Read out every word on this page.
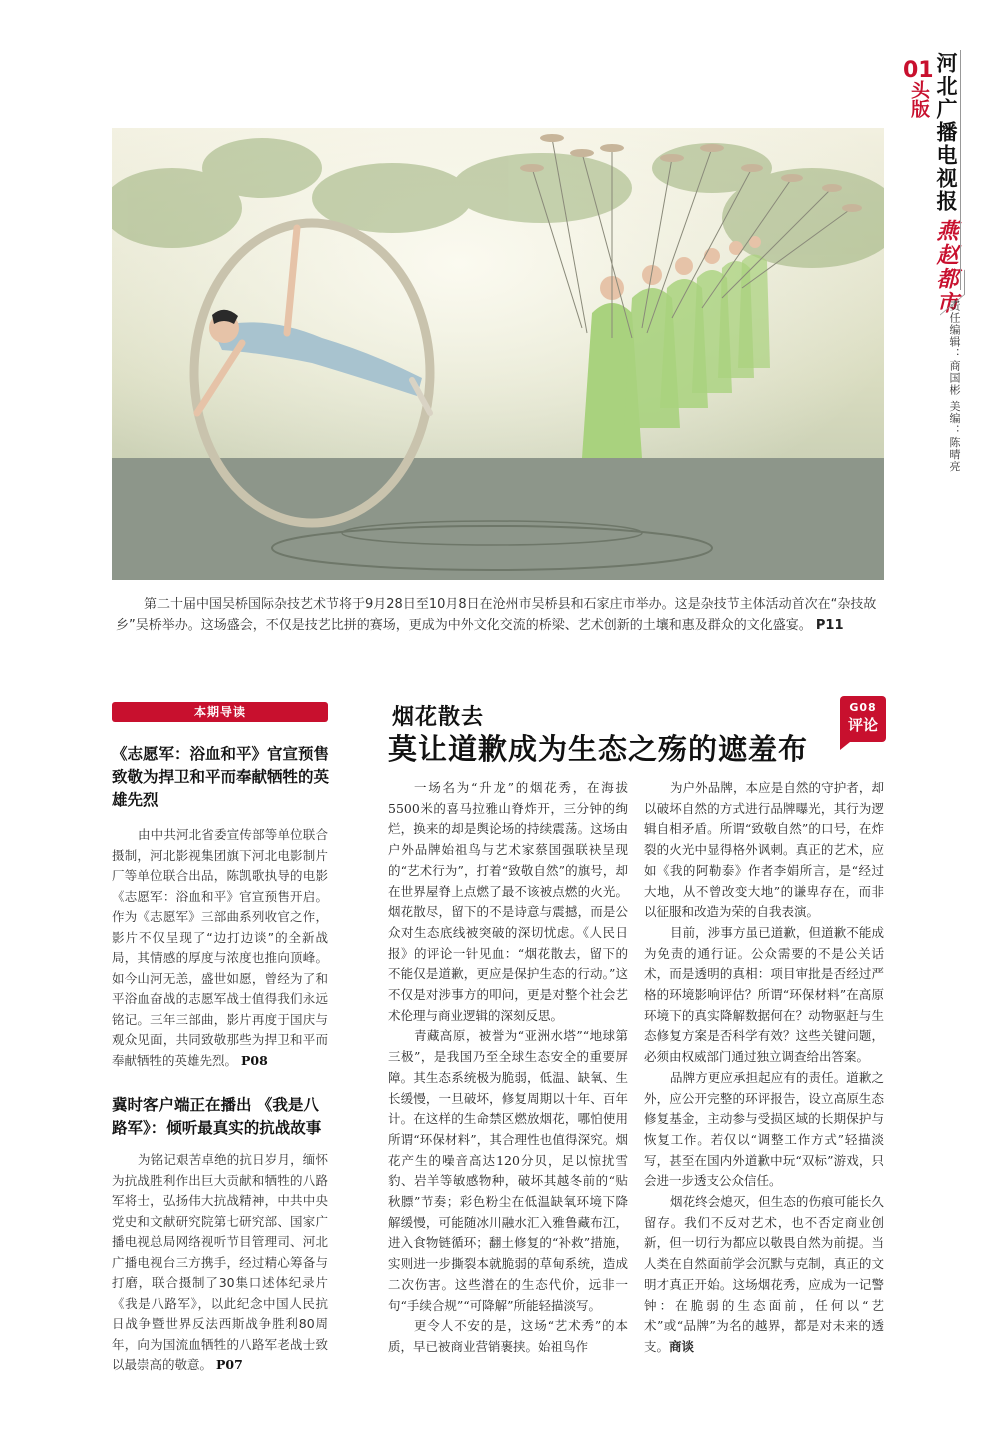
01
头版 河北广播电视报燕赵都市
责任编辑：商国彬 美编：陈晴亮
第二十届中国吴桥国际杂技艺术节将于9月28日至10月8日在沧州市吴桥县和石家庄市举办。这是杂技节主体活动首次在“杂技故乡”吴桥举办。这场盛会，不仅是技艺比拼的赛场，更成为中外文化交流的桥梁、艺术创新的土壤和惠及群众的文化盛宴。 P11
本期导读
《志愿军：浴血和平》官宣预售 致敬为捍卫和平而奉献牺牲的英雄先烈
由中共河北省委宣传部等单位联合摄制，河北影视集团旗下河北电影制片厂等单位联合出品，陈凯歌执导的电影《志愿军：浴血和平》官宣预售开启。作为《志愿军》三部曲系列收官之作，影片不仅呈现了“边打边谈”的全新战局，其情感的厚度与浓度也推向顶峰。如今山河无恙，盛世如愿，曾经为了和平浴血奋战的志愿军战士值得我们永远铭记。三年三部曲，影片再度于国庆与观众见面，共同致敬那些为捍卫和平而奉献牺牲的英雄先烈。 P08
冀时客户端正在播出 《我是八路军》：倾听最真实的抗战故事
为铭记艰苦卓绝的抗日岁月，缅怀为抗战胜利作出巨大贡献和牺牲的八路军将士，弘扬伟大抗战精神，中共中央党史和文献研究院第七研究部、国家广播电视总局网络视听节目管理司、河北广播电视台三方携手，经过精心筹备与打磨，联合摄制了30集口述体纪录片《我是八路军》，以此纪念中国人民抗日战争暨世界反法西斯战争胜利80周年，向为国流血牺牲的八路军老战士致以最崇高的敬意。 P07
烟花散去
莫让道歉成为生态之殇的遮羞布
G08
评论

一场名为“升龙”的烟花秀，在海拔5500米的喜马拉雅山脊炸开，三分钟的绚烂，换来的却是舆论场的持续震荡。这场由户外品牌始祖鸟与艺术家蔡国强联袂呈现的“艺术行为”，打着“致敬自然”的旗号，却在世界屋脊上点燃了最不该被点燃的火光。烟花散尽，留下的不是诗意与震撼，而是公众对生态底线被突破的深切忧虑。《人民日报》的评论一针见血：“烟花散去，留下的不能仅是道歉，更应是保护生态的行动。”这不仅是对涉事方的叩问，更是对整个社会艺术伦理与商业逻辑的深刻反思。

青藏高原，被誉为“亚洲水塔”“地球第三极”，是我国乃至全球生态安全的重要屏障。其生态系统极为脆弱，低温、缺氧、生长缓慢，一旦破坏，修复周期以十年、百年计。在这样的生命禁区燃放烟花，哪怕使用所谓“环保材料”，其合理性也值得深究。烟花产生的噪音高达120分贝，足以惊扰雪豹、岩羊等敏感物种，破坏其越冬前的“贴秋膘”节奏；彩色粉尘在低温缺氧环境下降解缓慢，可能随冰川融水汇入雅鲁藏布江，进入食物链循环；翻土修复的“补救”措施，实则进一步撕裂本就脆弱的草甸系统，造成二次伤害。这些潜在的生态代价，远非一句“手续合规”“可降解”所能轻描淡写。

更令人不安的是，这场“艺术秀”的本质，早已被商业营销裹挟。始祖鸟作

为户外品牌，本应是自然的守护者，却以破坏自然的方式进行品牌曝光，其行为逻辑自相矛盾。所谓“致敬自然”的口号，在炸裂的火光中显得格外讽刺。真正的艺术，应如《我的阿勒泰》作者李娟所言，是“经过大地，从不曾改变大地”的谦卑存在，而非以征服和改造为荣的自我表演。

目前，涉事方虽已道歉，但道歉不能成为免责的通行证。公众需要的不是公关话术，而是透明的真相：项目审批是否经过严格的环境影响评估？所谓“环保材料”在高原环境下的真实降解数据何在？动物驱赶与生态修复方案是否科学有效？这些关键问题，必须由权威部门通过独立调查给出答案。

品牌方更应承担起应有的责任。道歉之外，应公开完整的环评报告，设立高原生态修复基金，主动参与受损区域的长期保护与恢复工作。若仅以“调整工作方式”轻描淡写，甚至在国内外道歉中玩“双标”游戏，只会进一步透支公众信任。

烟花终会熄灭，但生态的伤痕可能长久留存。我们不反对艺术，也不否定商业创新，但一切行为都应以敬畏自然为前提。当人类在自然面前学会沉默与克制，真正的文明才真正开始。这场烟花秀，应成为一记警钟：在脆弱的生态面前，任何以“艺术”或“品牌”为名的越界，都是对未来的透支。商谈
